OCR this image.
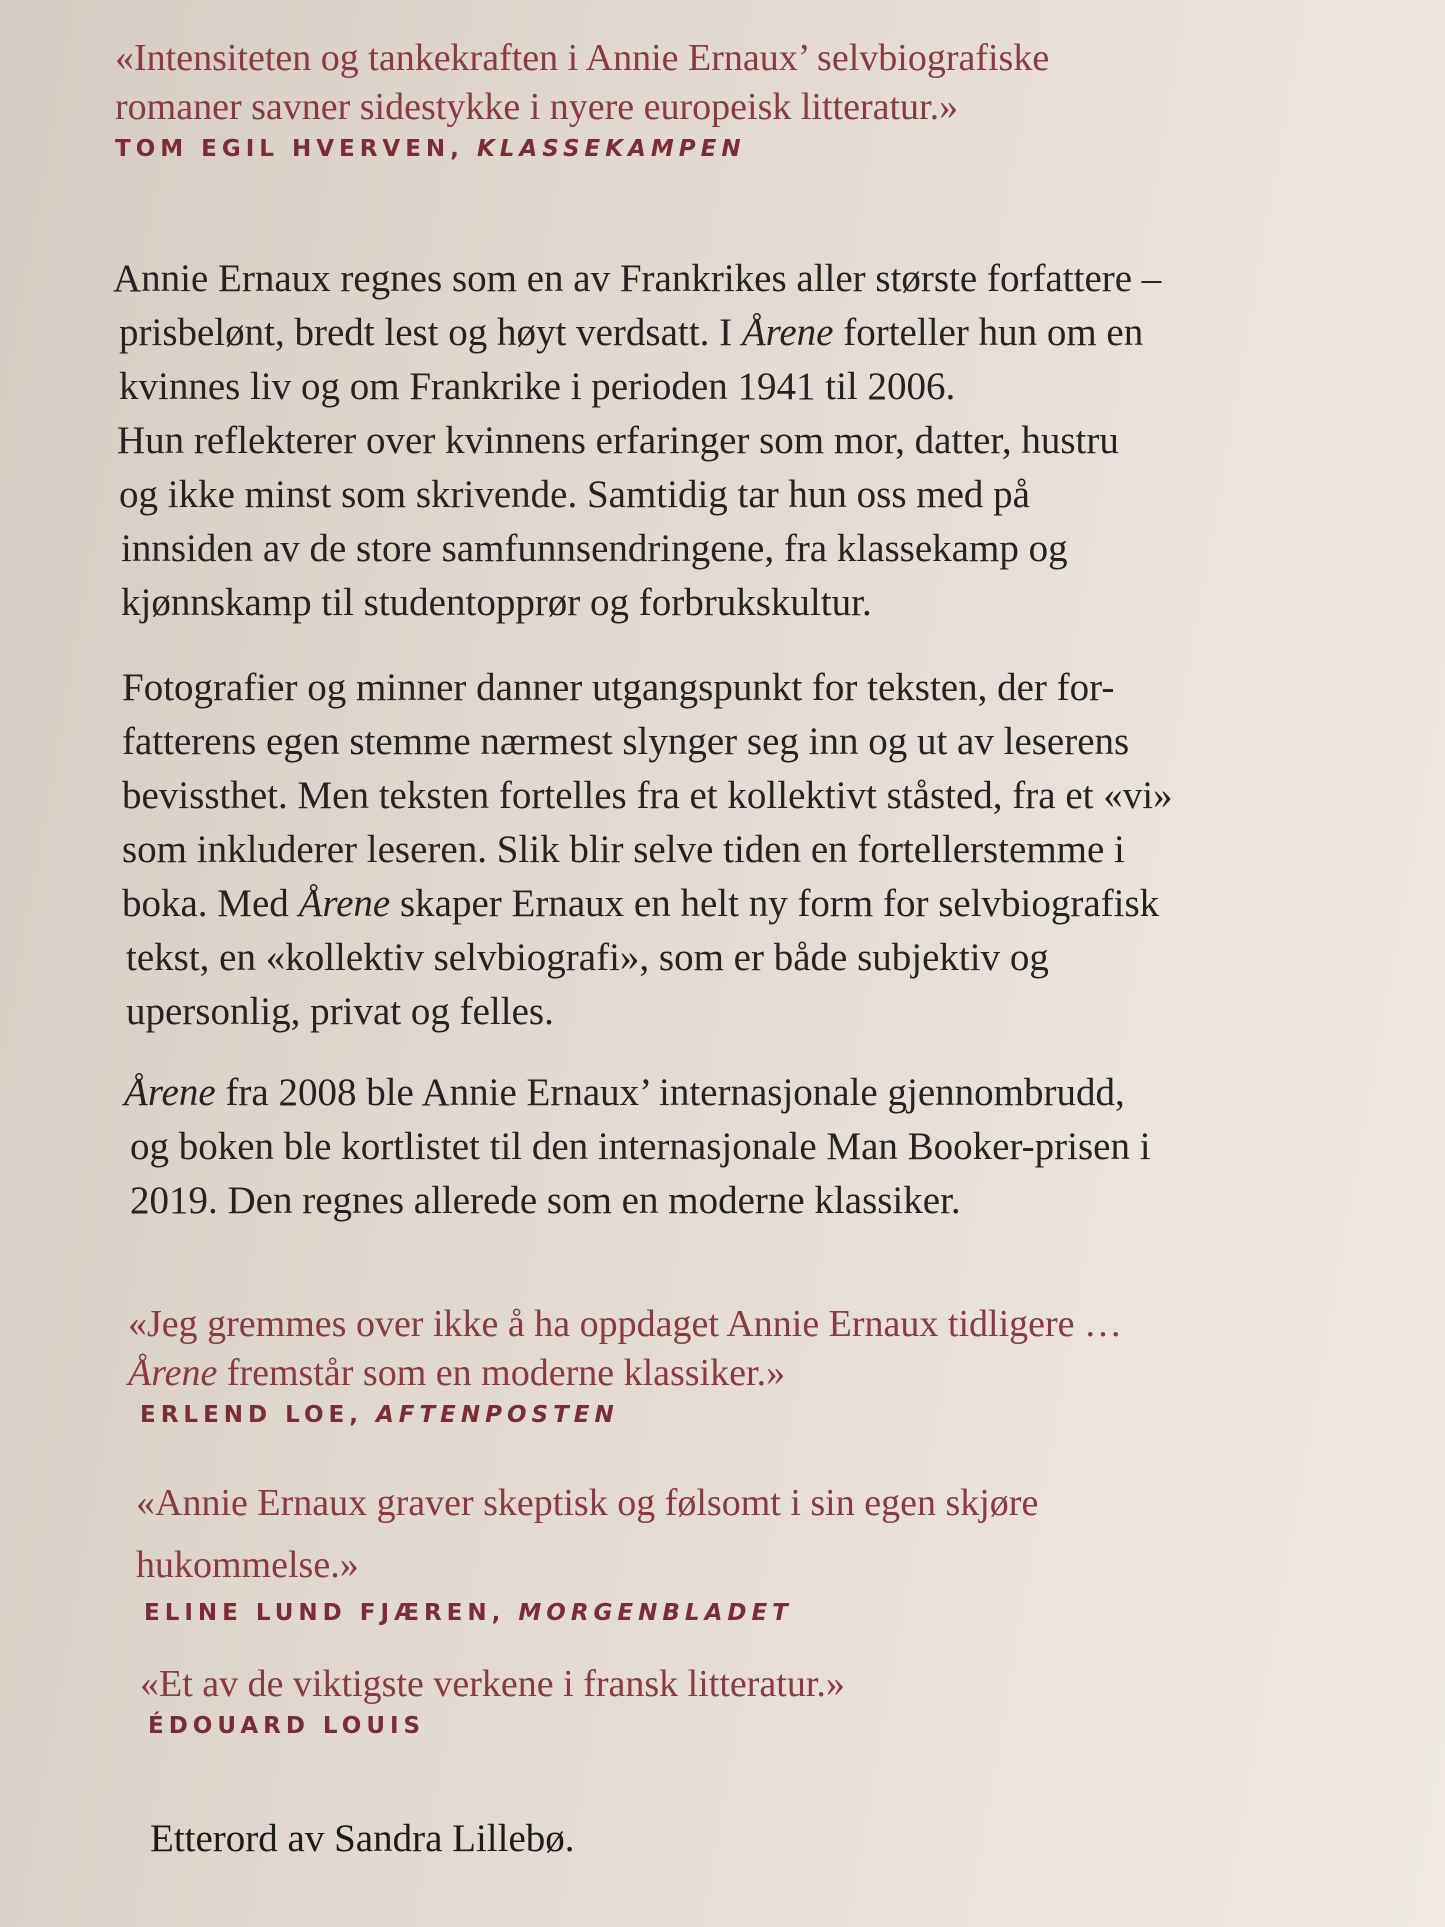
«Intensiteten og tankekraften i Annie Ernaux’ selvbiografiske
romaner savner sidestykke i nyere europeisk litteratur.»
TOM EGIL HVERVEN, KLASSEKAMPEN

Annie Ernaux regnes som en av Frankrikes aller største forfattere –

prisbelønt, bredt lest og høyt verdsatt. I Årene forteller hun om en

kvinnes liv og om Frankrike i perioden 1941 til 2006.

Hun reflekterer over kvinnens erfaringer som mor, datter, hustru

og ikke minst som skrivende. Samtidig tar hun oss med på

innsiden av de store samfunnsendringene, fra klassekamp og

kjønnskamp til studentopprør og forbrukskultur.

Fotografier og minner danner utgangspunkt for teksten, der for-

fatterens egen stemme nærmest slynger seg inn og ut av leserens

bevissthet. Men teksten fortelles fra et kollektivt ståsted, fra et «vi»

som inkluderer leseren. Slik blir selve tiden en fortellerstemme i

boka. Med Årene skaper Ernaux en helt ny form for selvbiografisk

tekst, en «kollektiv selvbiografi», som er både subjektiv og

upersonlig, privat og felles.

Årene fra 2008 ble Annie Ernaux’ internasjonale gjennombrudd,

og boken ble kortlistet til den internasjonale Man Booker-prisen i

2019. Den regnes allerede som en moderne klassiker.

«Jeg gremmes over ikke å ha oppdaget Annie Ernaux tidligere …
Årene fremstår som en moderne klassiker.»
ERLEND LOE, AFTENPOSTEN
«Annie Ernaux graver skeptisk og følsomt i sin egen skjøre
hukommelse.»
ELINE LUND FJÆREN, MORGENBLADET
«Et av de viktigste verkene i fransk litteratur.»
ÉDOUARD LOUIS
Etterord av Sandra Lillebø.
